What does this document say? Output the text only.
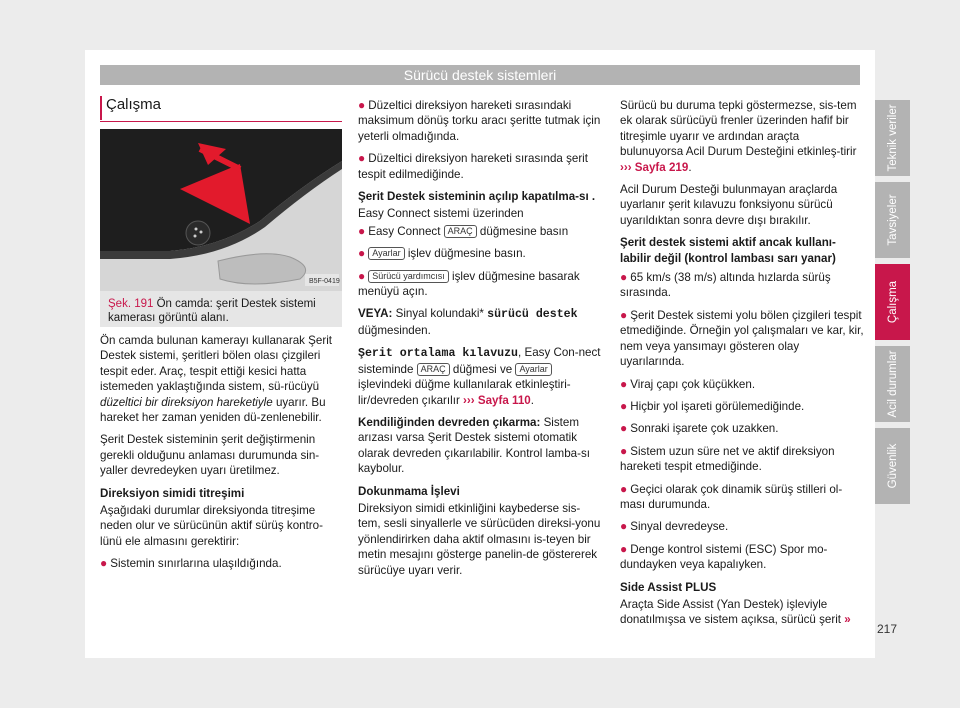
Sürücü destek sistemleri
Çalışma
B5F-0419
Şek. 191 Ön camda: şerit Destek sistemi kamerası görüntü alanı.

Ön camda bulunan kamerayı kullanarak Şerit Destek sistemi, şeritleri bölen olası çizgileri tespit eder. Araç, tespit ettiği kesici hatta istemeden yaklaştığında sistem, sü-rücüyü düzeltici bir direksiyon hareketiyle uyarır. Bu hareket her zaman yeniden dü-zenlenebilir.

Şerit Destek sisteminin şerit değiştirmenin gerekli olduğunu anlaması durumunda sin-yaller devredeyken uyarı üretilmez.

Direksiyon simidi titreşimi

Aşağıdaki durumlar direksiyonda titreşime neden olur ve sürücünün aktif sürüş kontro-lünü ele almasını gerektirir:

● Sistemin sınırlarına ulaşıldığında.

● Düzeltici direksiyon hareketi sırasındaki maksimum dönüş torku aracı şeritte tutmak için yeterli olmadığında.

● Düzeltici direksiyon hareketi sırasında şerit tespit edilmediğinde.

Şerit Destek sisteminin açılıp kapatılma-sı .

Easy Connect sistemi üzerinden

● Easy Connect ARAÇ düğmesine basın

● Ayarlar işlev düğmesine basın.

● Sürücü yardımcısı işlev düğmesine basarak menüyü açın.

VEYA: Sinyal kolundaki* sürücü destek düğmesinden.

Şerit ortalama kılavuzu, Easy Con-nect sisteminde ARAÇ düğmesi ve Ayarlar işlevindeki düğme kullanılarak etkinleştiri-lir/devreden çıkarılır ››› Sayfa 110.

Kendiliğinden devreden çıkarma: Sistem arızası varsa Şerit Destek sistemi otomatik olarak devreden çıkarılabilir. Kontrol lamba-sı kaybolur.

Dokunmama İşlevi

Direksiyon simidi etkinliğini kaybederse sis-tem, sesli sinyallerle ve sürücüden direksi-yonu yönlendirirken daha aktif olmasını is-teyen bir metin mesajını gösterge panelin-de göstererek sürücüye uyarı verir.

Sürücü bu duruma tepki göstermezse, sis-tem ek olarak sürücüyü frenler üzerinden hafif bir titreşimle uyarır ve ardından araçta bulunuyorsa Acil Durum Desteğini etkinleş-tirir ››› Sayfa 219.

Acil Durum Desteği bulunmayan araçlarda uyarlanır şerit kılavuzu fonksiyonu sürücü uyarıldıktan sonra devre dışı bırakılır.

Şerit destek sistemi aktif ancak kullanı-labilir değil (kontrol lambası sarı yanar)

● 65 km/s (38 m/s) altında hızlarda sürüş sırasında.

● Şerit Destek sistemi yolu bölen çizgileri tespit etmediğinde. Örneğin yol çalışmaları ve kar, kir, nem veya yansımayı gösteren olay uyarılarında.

● Viraj çapı çok küçükken.

● Hiçbir yol işareti görülemediğinde.

● Sonraki işarete çok uzakken.

● Sistem uzun süre net ve aktif direksiyon hareketi tespit etmediğinde.

● Geçici olarak çok dinamik sürüş stilleri ol-ması durumunda.

● Sinyal devredeyse.

● Denge kontrol sistemi (ESC) Spor mo-dundayken veya kapalıyken.

Side Assist PLUS

Araçta Side Assist (Yan Destek) işleviyle donatılmışsa ve sistem açıksa, sürücü şerit »

Teknik veriler
Tavsiyeler
Çalışma
Acil durumlar
Güvenlik
217
